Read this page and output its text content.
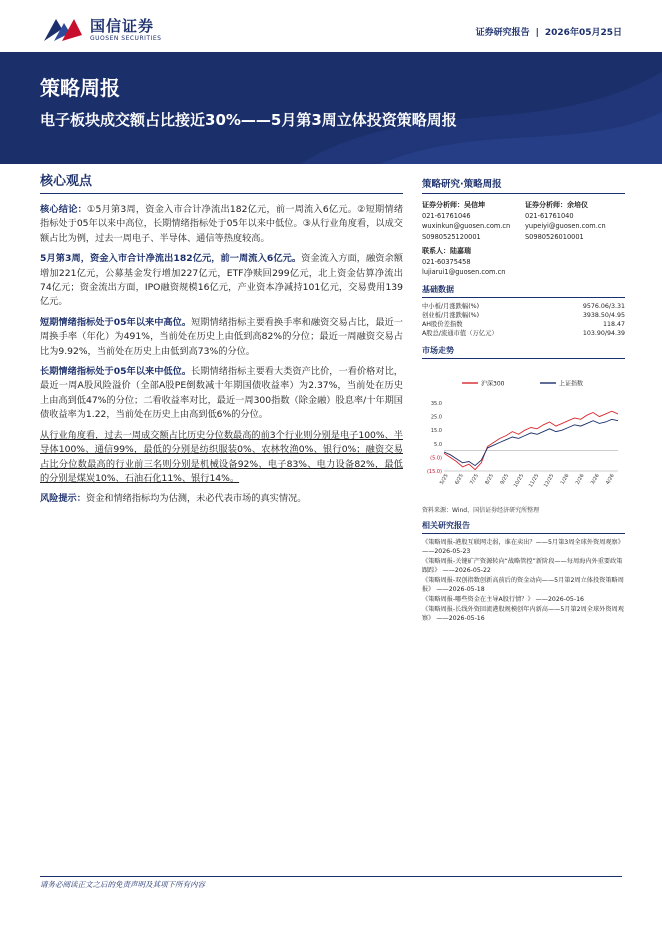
国信证券
GUOSEN SECURITIES
证券研究报告 | 2026年05月25日
策略周报
电子板块成交额占比接近30%——5月第3周立体投资策略周报
核心观点

核心结论：①5月第3周，资金入市合计净流出182亿元，前一周流入6亿元。②短期情绪指标处于05年以来中高位，长期情绪指标处于05年以来中低位。③从行业角度看，以成交额占比为例，过去一周电子、半导体、通信等热度较高。

5月第3周，资金入市合计净流出182亿元，前一周流入6亿元。资金流入方面，融资余额增加221亿元，公募基金发行增加227亿元，ETF净赎回299亿元，北上资金估算净流出74亿元；资金流出方面，IPO融资规模16亿元，产业资本净减持101亿元，交易费用139亿元。

短期情绪指标处于05年以来中高位。短期情绪指标主要看换手率和融资交易占比，最近一周换手率（年化）为491%，当前处在历史上由低到高82%的分位；最近一周融资交易占比为9.92%，当前处在历史上由低到高73%的分位。

长期情绪指标处于05年以来中低位。长期情绪指标主要看大类资产比价，一看价格对比，最近一周A股风险溢价（全部A股PE倒数减十年期国债收益率）为2.37%，当前处在历史上由高到低47%的分位；二看收益率对比，最近一周300指数（除金融）股息率/十年期国债收益率为1.22，当前处在历史上由高到低6%的分位。

从行业角度看，过去一周成交额占比历史分位数最高的前3个行业则分别是电子100%、半导体100%、通信99%，最低的分别是纺织服装0%、农林牧渔0%、银行0%；融资交易占比分位数最高的行业前三名则分别是机械设备92%、电子83%、电力设备82%，最低的分别是煤炭10%、石油石化11%、银行14%。

风险提示：资金和情绪指标均为估测，未必代表市场的真实情况。

策略研究·策略周报
证券分析师：吴信坤
021-61761046
wuxinkun@guosen.com.cn
S0980525120001
证券分析师：余培仪
021-61761040
yupeiyi@guosen.com.cn
S0980526010001
联系人：陆嘉瑞
021-60375458
lujiarui1@guosen.com.cn
基础数据
中小板/月涨跌幅(%)	9576.06/3.31
创业板/月涨跌幅(%)	3938.50/4.95
AH股价差指数	118.47
A股总/流通市值（万亿元）	103.90/94.39
市场走势
沪深300	上证指数
35.0
25.0
15.0
5.0
(5.0)
(15.0)
5/25 6/25 7/25 8/25 9/25 10/25 11/25 12/25 1/26 2/26 3/26 4/26
资料来源：Wind、国信证券经济研究所整理
相关研究报告
《策略周报-港股互联网走弱，谁在卖出？——5月第3周全球外资周观察》 ——2026-05-23
《策略周报-关键矿产资源转向“战略管控”新阶段——每周海内外重要政策跟踪》 ——2026-05-22
《策略周报-双创指数创新高前后的资金动向——5月第2周立体投资策略周报》 ——2026-05-18
《策略周报-哪些资金在主导A股行情？》 ——2026-05-16
《策略周报-长线外资回流港股规模创年内新高——5月第2周全球外资周观察》 ——2026-05-16
请务必阅读正文之后的免责声明及其项下所有内容
